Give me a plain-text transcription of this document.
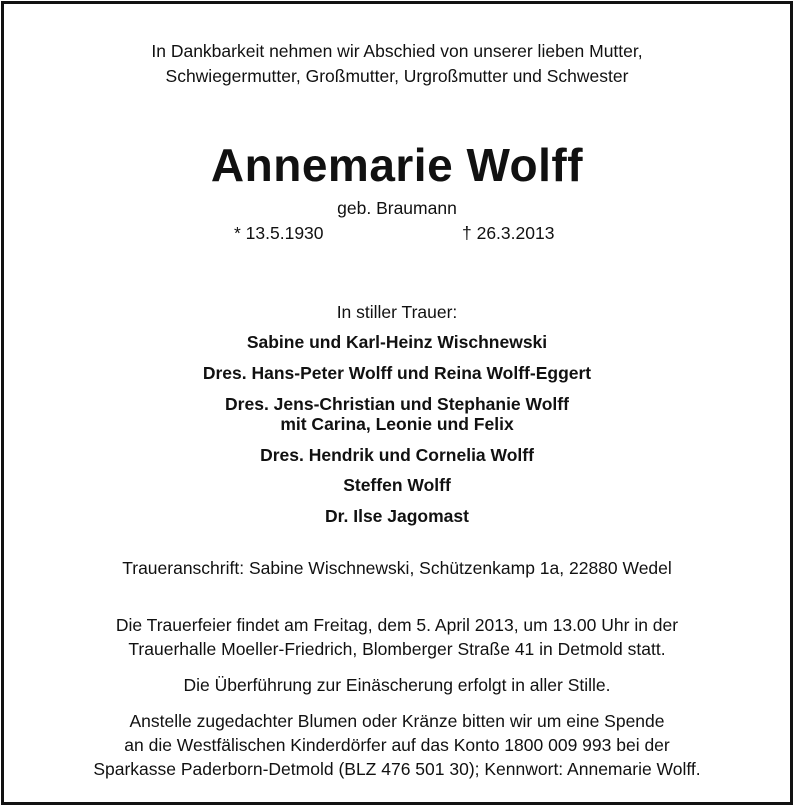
In Dankbarkeit nehmen wir Abschied von unserer lieben Mutter,
Schwiegermutter, Großmutter, Urgroßmutter und Schwester
Annemarie Wolff
geb. Braumann
* 13.5.1930	† 26.3.2013
In stiller Trauer:
Sabine und Karl-Heinz Wischnewski
Dres. Hans-Peter Wolff und Reina Wolff-Eggert
Dres. Jens-Christian und Stephanie Wolff
mit Carina, Leonie und Felix
Dres. Hendrik und Cornelia Wolff
Steffen Wolff
Dr. Ilse Jagomast
Traueranschrift: Sabine Wischnewski, Schützenkamp 1a, 22880 Wedel
Die Trauerfeier findet am Freitag, dem 5. April 2013, um 13.00 Uhr in der
Trauerhalle Moeller-Friedrich, Blomberger Straße 41 in Detmold statt.
Die Überführung zur Einäscherung erfolgt in aller Stille.
Anstelle zugedachter Blumen oder Kränze bitten wir um eine Spende
an die Westfälischen Kinderdörfer auf das Konto 1800 009 993 bei der
Sparkasse Paderborn-Detmold (BLZ 476 501 30); Kennwort: Annemarie Wolff.
